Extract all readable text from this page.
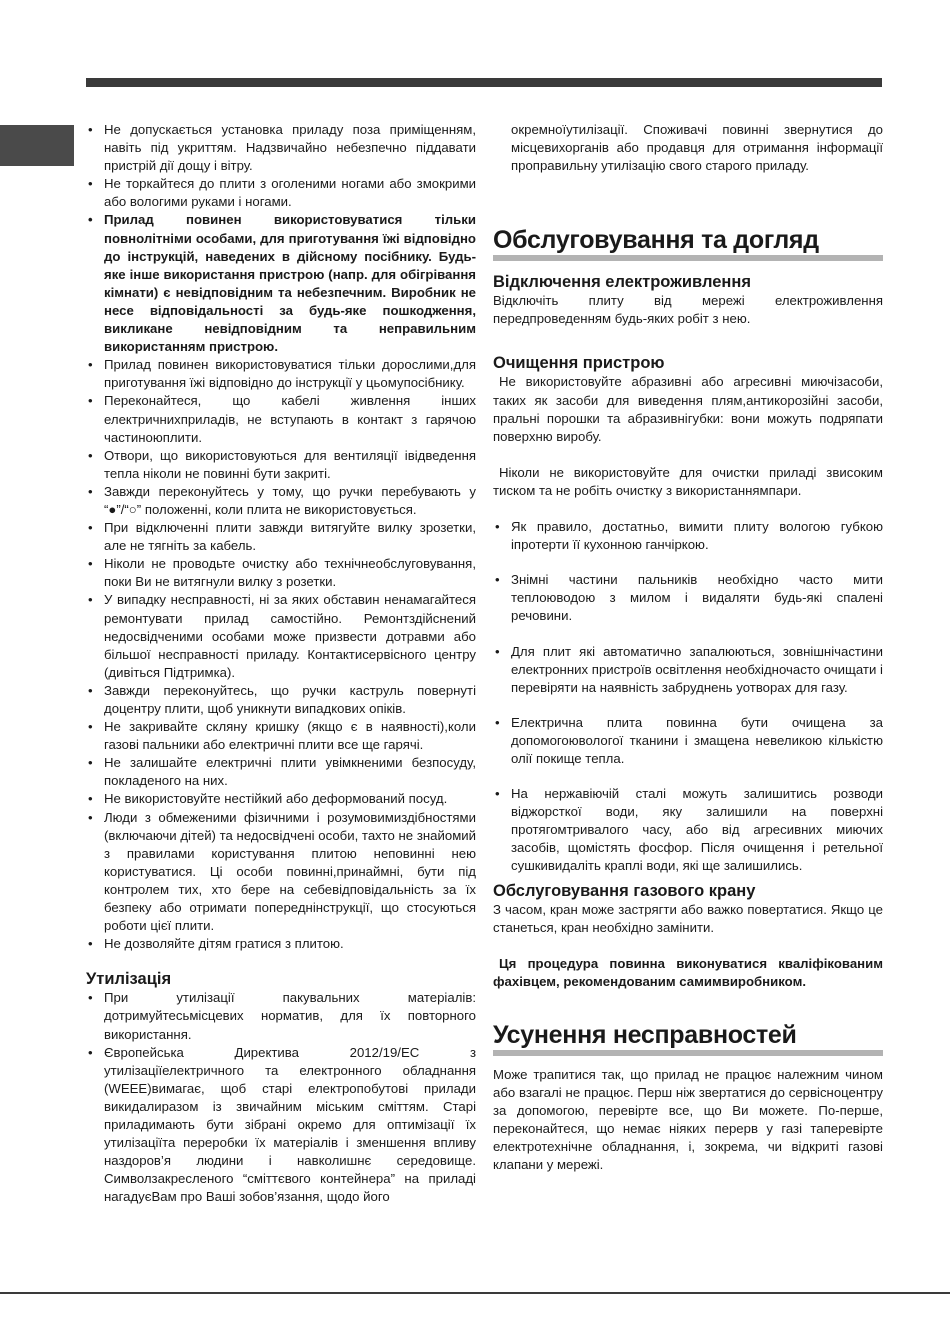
• Не допускається установка приладу поза приміщенням, навіть під укриттям. Надзвичайно небезпечно піддавати пристрій дії дощу і вітру.
• Не торкайтеся до плити з оголеними ногами або змокрими або вологими руками і ногами.
• Прилад повинен використовуватися тільки повнолітніми особами, для приготування їжі відповідно до інструкцій, наведених в дійсному посібнику. Будь-яке інше використання пристрою (напр. для обігрівання кімнати) є невідповідним та небезпечним. Виробник не несе відповідальності за будь-яке пошкодження, викликане невідповідним та неправильним використанням пристрою.
• Прилад повинен використовуватися тільки дорослими,для приготування їжі відповідно до інструкції у цьомупосібнику.
• Переконайтеся, що кабелі живлення інших електричнихприладів, не вступають в контакт з гарячою частиноюплити.
• Отвори, що використовуються для вентиляції івідведення тепла ніколи не повинні бути закриті.
• Завжди переконуйтесь у тому, що ручки перебувають у “●”/“○” положенні, коли плита не використовується.
• При відключенні плити завжди витягуйте вилку зрозетки, але не тягніть за кабель.
• Ніколи не проводьте очистку або технічнеобслуговування, поки Ви не витягнули вилку з розетки.
• У випадку несправності, ні за яких обставин ненамагайтеся ремонтувати прилад самостійно. Ремонтздійснений недосвідченими особами може призвести дотравми або більшої несправності приладу. Контактисервісного центру (дивіться Підтримка).
• Завжди переконуйтесь, що ручки каструль повернуті доцентру плити, щоб уникнути випадкових опіків.
• Не закривайте скляну кришку (якщо є в наявності),коли газові пальники або електричні плити все ще гарячі.
• Не залишайте електричні плити увімкненими безпосуду, покладеного на них.
• Не використовуйте нестійкий або деформований посуд.
• Люди з обмеженими фізичними і розумовимиздібностями (включаючи дітей) та недосвідчені особи, тахто не знайомий з правилами користування плитою неповинні нею користуватися. Ці особи повинні,принаймні, бути під контролем тих, хто бере на себевідповідальність за їх безпеку або отримати попереднінструкції, що стосуються роботи цієї плити.
• Не дозволяйте дітям гратися з плитою.
Утилізація
• При утилізації пакувальних матеріалів: дотримуйтесьмісцевих норматив, для їх повторного використання.
• Європейська Директива 2012/19/EC з утилізаціїелектричного та електронного обладнання (WEEE)вимагає, щоб старі електропобутові прилади викидалиразом із звичайним міським сміттям. Старі приладимають бути зібрані окремо для оптимізації їх утилізаціїта переробки їх матеріалів і зменшення впливу наздоров’я людини і навколишнє середовище. Символзакресленого “сміттєвого контейнера” на приладі нагадуєВам про Ваші зобов’язання, щодо його

окремноїутилізації. Споживачі повинні звернутися до місцевихорганів або продавця для отримання інформації проправильну утилізацію свого старого приладу.

Обслуговування та догляд
Відключення електроживлення

Відключіть плиту від мережі електроживлення передпроведенням будь-яких робіт з нею.

Очищення пристрою

Не використовуйте абразивні або агресивні миючізасоби, таких як засоби для виведення плям,антикорозійні засоби, пральні порошки та абразивнігубки: вони можуть подряпати поверхню виробу.

Ніколи не використовуйте для очистки приладі звисоким тиском та не робіть очистку з використаннямпари.

• Як правило, достатньо, вимити плиту вологою губкою іпротерти її кухонною ганчіркою.
• Знімні частини пальників необхідно часто мити теплоюводою з милом і видаляти будь-які спалені речовини.
• Для плит які автоматично запалюються, зовнішнічастини електронних пристроїв освітлення необхідночасто очищати і перевіряти на наявність забруднень уотворах для газу.
• Електрична плита повинна бути очищена за допомогоювологої тканини і змащена невеликою кількістю олії покище тепла.
• На нержавіючій сталі можуть залишитись розводи віджорсткої води, яку залишили на поверхні протягомтривалого часу, або від агресивних миючих засобів, щомістять фосфор. Після очищення і ретельної сушкивидаліть краплі води, які ще залишились.
Обслуговування газового крану

З часом, кран може застрягти або важко повертатися. Якщо це станеться, кран необхідно замінити.

Ця процедура повинна виконуватися кваліфікованим фахівцем, рекомендованим самимвиробником.

Усунення несправностей

Може трапитися так, що прилад не працює належним чином або взагалі не працює. Перш ніж звертатися до сервісноцентру за допомогою, перевірте все, що Ви можете. По-перше, переконайтеся, що немає ніяких перерв у газі таперевірте електротехнічне обладнання, і, зокрема, чи відкриті газові клапани у мережі.
